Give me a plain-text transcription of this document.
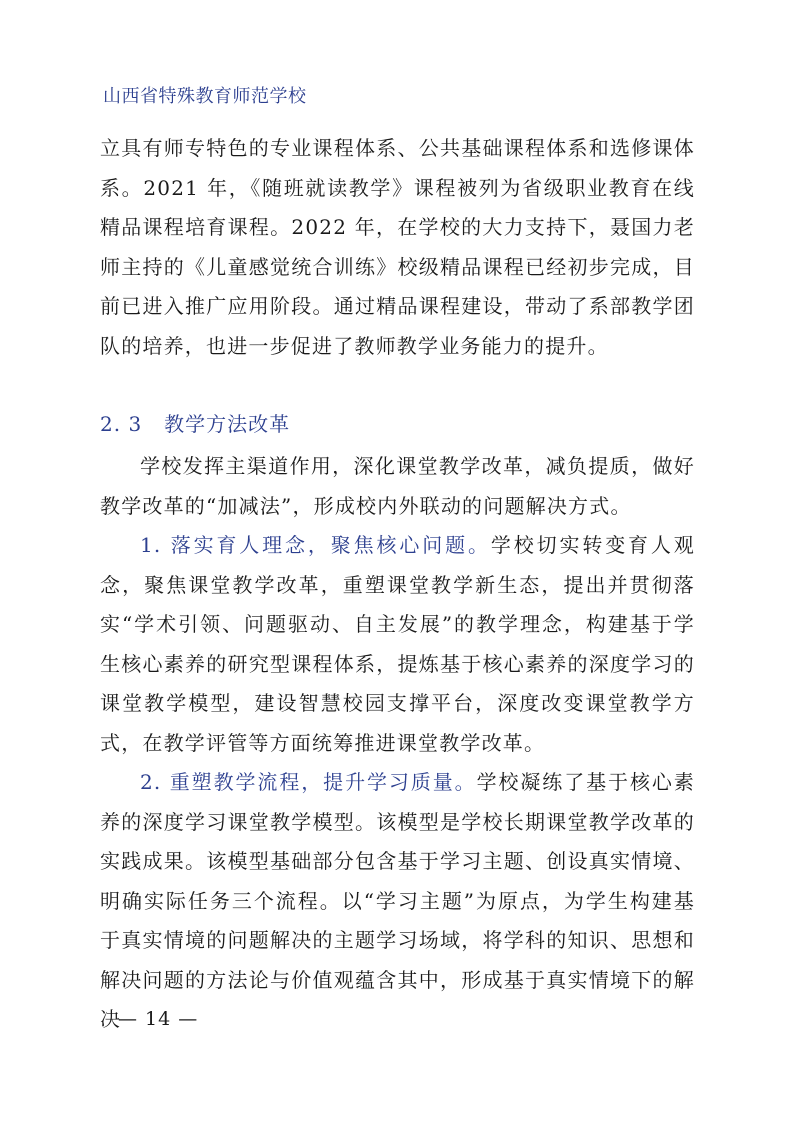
山西省特殊教育师范学校
立具有师专特色的专业课程体系、公共基础课程体系和选修课体系。2021 年，《随班就读教学》课程被列为省级职业教育在线精品课程培育课程。2022 年，在学校的大力支持下，聂国力老师主持的《儿童感觉统合训练》校级精品课程已经初步完成，目前已进入推广应用阶段。通过精品课程建设，带动了系部教学团队的培养，也进一步促进了教师教学业务能力的提升。
2. 3 教学方法改革
学校发挥主渠道作用，深化课堂教学改革，减负提质，做好教学改革的“加减法”，形成校内外联动的问题解决方式。
1. 落实育人理念，聚焦核心问题。学校切实转变育人观念，聚焦课堂教学改革，重塑课堂教学新生态，提出并贯彻落实“学术引领、问题驱动、自主发展”的教学理念，构建基于学生核心素养的研究型课程体系，提炼基于核心素养的深度学习的课堂教学模型，建设智慧校园支撑平台，深度改变课堂教学方式，在教学评管等方面统筹推进课堂教学改革。
2. 重塑教学流程，提升学习质量。学校凝练了基于核心素养的深度学习课堂教学模型。该模型是学校长期课堂教学改革的实践成果。该模型基础部分包含基于学习主题、创设真实情境、明确实际任务三个流程。以“学习主题”为原点，为学生构建基于真实情境的问题解决的主题学习场域，将学科的知识、思想和解决问题的方法论与价值观蕴含其中，形成基于真实情境下的解决
— 14 —
